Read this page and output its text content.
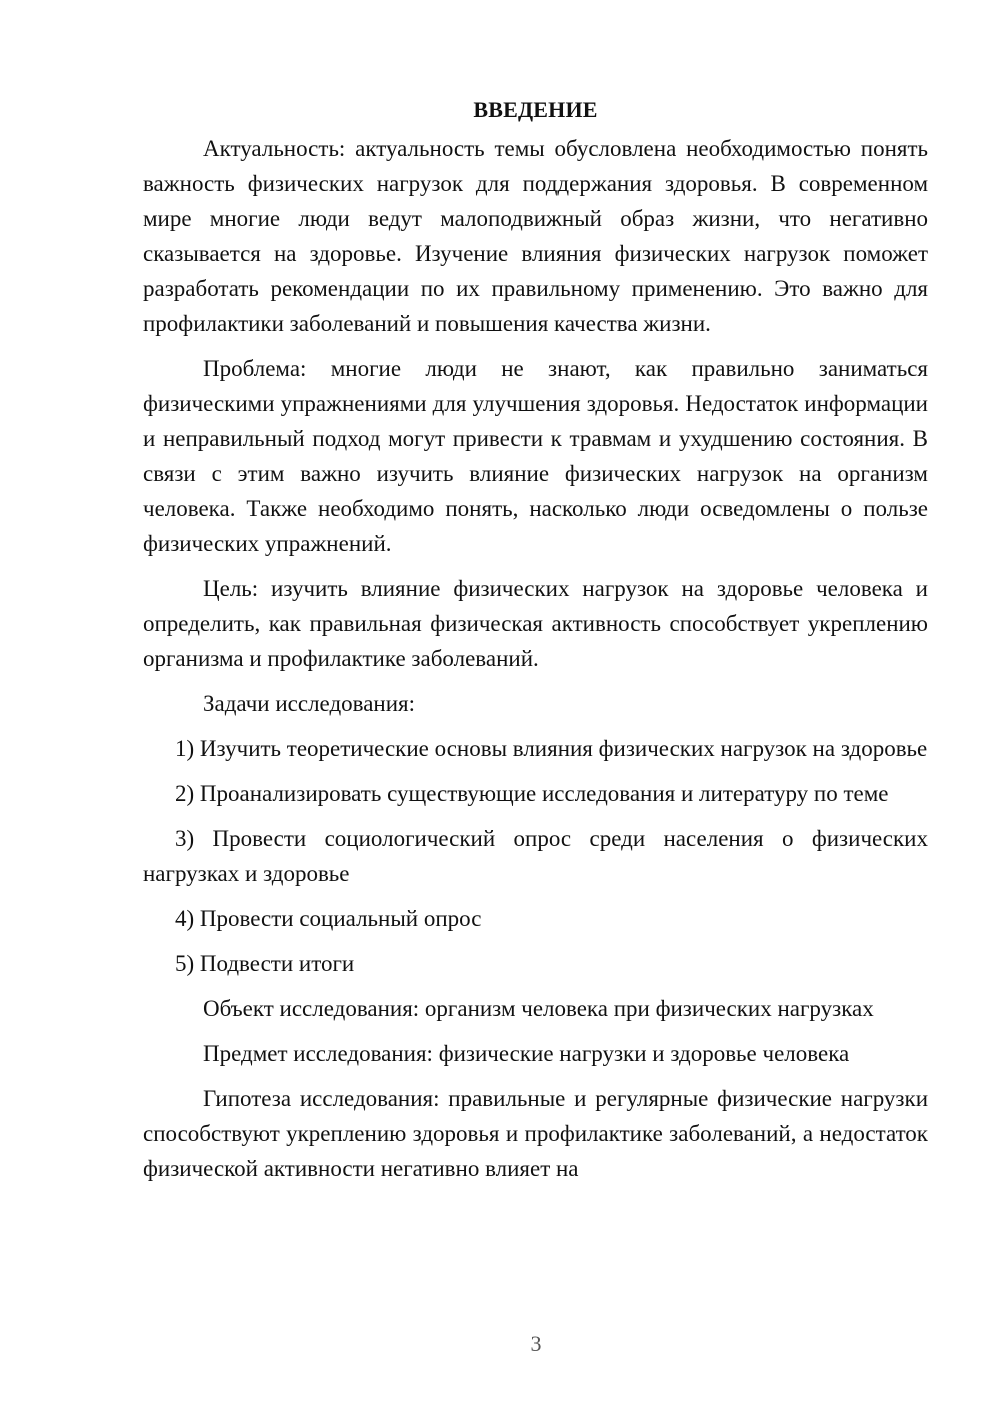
ВВЕДЕНИЕ

Актуальность: актуальность темы обусловлена необходимостью понять важность физических нагрузок для поддержания здоровья. В современном мире многие люди ведут малоподвижный образ жизни, что негативно сказывается на здоровье. Изучение влияния физических нагрузок поможет разработать рекомендации по их правильному применению. Это важно для профилактики заболеваний и повышения качества жизни.

Проблема: многие люди не знают, как правильно заниматься физическими упражнениями для улучшения здоровья. Недостаток информации и неправильный подход могут привести к травмам и ухудшению состояния. В связи с этим важно изучить влияние физических нагрузок на организм человека. Также необходимо понять, насколько люди осведомлены о пользе физических упражнений.

Цель: изучить влияние физических нагрузок на здоровье человека и определить, как правильная физическая активность способствует укреплению организма и профилактике заболеваний.

Задачи исследования:

1) Изучить теоретические основы влияния физических нагрузок на здоровье

2) Проанализировать существующие исследования и литературу по теме

3) Провести социологический опрос среди населения о физических нагрузках и здоровье

4) Провести социальный опрос

5) Подвести итоги

Объект исследования: организм человека при физических нагрузках

Предмет исследования: физические нагрузки и здоровье человека

Гипотеза исследования: правильные и регулярные физические нагрузки способствуют укреплению здоровья и профилактике заболеваний, а недостаток физической активности негативно влияет на

3
